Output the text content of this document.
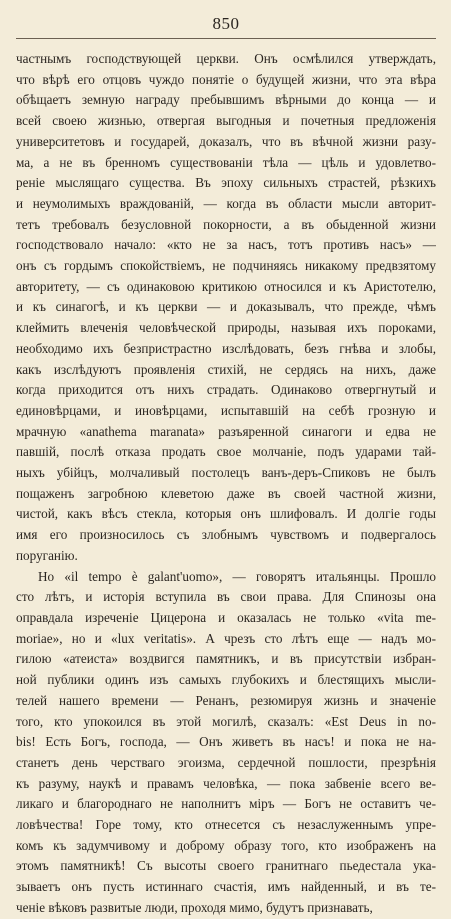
850
частнымъ господствующей церкви. Онъ осмѣлился утверждать,
что вѣрѣ его отцовъ чуждо понятіе о будущей жизни, что эта вѣра
обѣщаетъ земную награду пребывшимъ вѣрными до конца — и
всей своею жизнью, отвергая выгодныя и почетныя предложенія
университетовъ и государей, доказалъ, что въ вѣчной жизни разу-
ма, а не въ бренномъ существованіи тѣла — цѣль и удовлетво-
реніе мыслящаго существа. Въ эпоху сильныхъ страстей, рѣзкихъ
и неумолимыхъ враждованій, — когда въ области мысли авторит-
тетъ требовалъ безусловной покорности, а въ обыденной жизни
господствовало начало: «кто не за насъ, тотъ противъ насъ» —
онъ съ гордымъ спокойствіемъ, не подчиняясь никакому предвзятому
авторитету, — съ одинаковою критикою относился и къ Аристотелю,
и къ синагогѣ, и къ церкви — и доказывалъ, что прежде, чѣмъ
клеймить влеченія человѣческой природы, называя ихъ пороками,
необходимо ихъ безпристрастно изслѣдовать, безъ гнѣва и злобы,
какъ изслѣдуютъ проявленія стихій, не сердясь на нихъ, даже
когда приходится отъ нихъ страдать. Одинаково отвергнутый и
единовѣрцами, и иновѣрцами, испытавшій на себѣ грозную и
мрачную «anathema maranata» разъяренной синагоги и едва не
павшій, послѣ отказа продать свое молчаніе, подъ ударами тай-
ныхъ убійцъ, молчаливый постолецъ ванъ-деръ-Спиковъ не былъ
пощаженъ загробною клеветою даже въ своей частной жизни,
чистой, какъ вѣсъ стекла, которыя онъ шлифовалъ. И долгіе годы
имя его произносилось съ злобнымъ чувствомъ и подвергалось
поруганію.
Но «il tempo è galant'uomo», — говорятъ итальянцы. Прошло
сто лѣтъ, и исторія вступила въ свои права. Для Спинозы она
оправдала изреченіе Цицерона и оказалась не только «vita me-
moriae», но и «lux veritatis». А чрезъ сто лѣтъ еще — надъ мо-
гилою «атеиста» воздвигся памятникъ, и въ присутствіи избран-
ной публики одинъ изъ самыхъ глубокихъ и блестящихъ мысли-
телей нашего времени — Ренанъ, резюмируя жизнь и значеніе
того, кто упокоился въ этой могилѣ, сказалъ: «Est Deus in no-
bis! Есть Богъ, господа, — Онъ живетъ въ насъ! и пока не на-
станетъ день черстваго эгоизма, сердечной пошлости, презрѣнія
къ разуму, наукѣ и правамъ человѣка, — пока забвеніе всего ве-
ликаго и благороднаго не наполнитъ міръ — Богъ не оставитъ че-
ловѣчества! Горе тому, кто отнесется съ незаслуженнымъ упре-
комъ къ задумчивому и доброму образу того, кто изображенъ на
этомъ памятникѣ! Съ высоты своего гранитнаго пьедестала ука-
зываетъ онъ пусть истиннаго счастія, имъ найденный, и въ те-
ченіе вѣковъ развитые люди, проходя мимо, будутъ признавать,
